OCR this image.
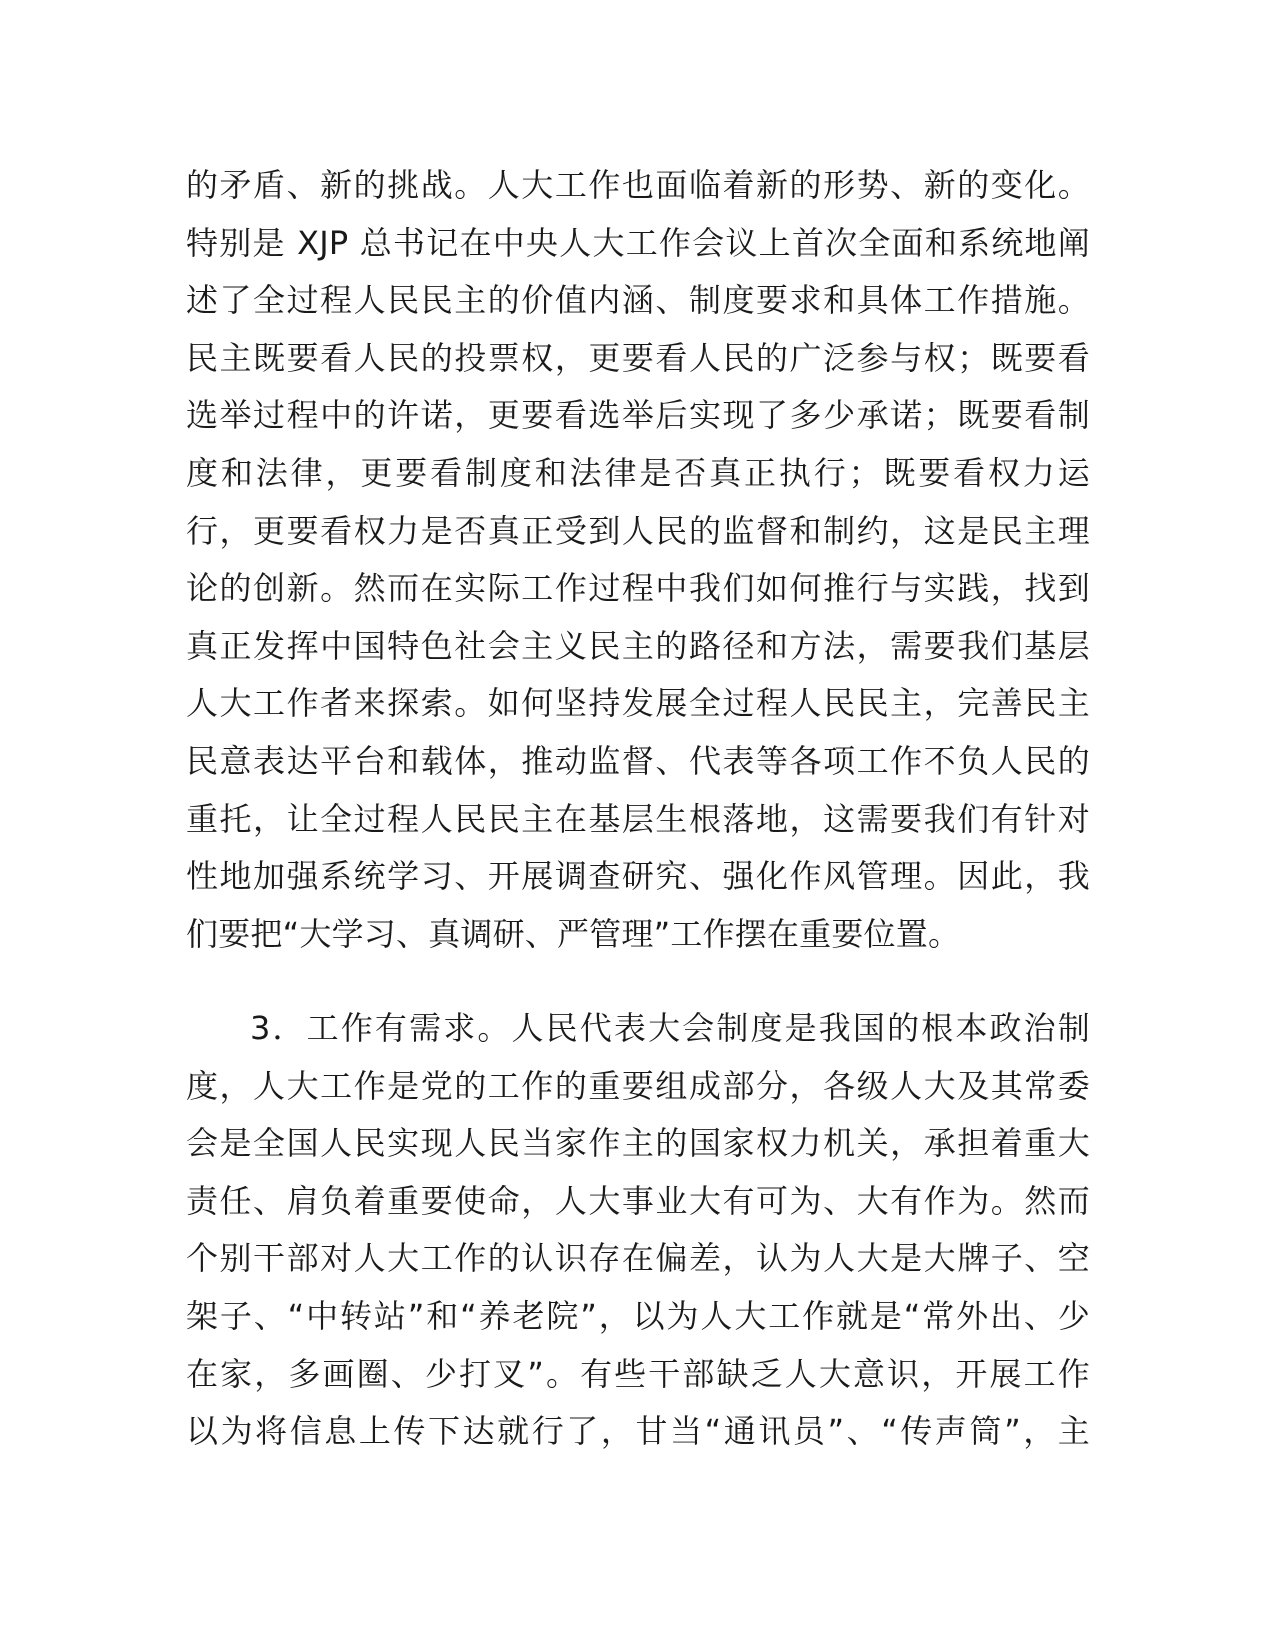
的矛盾、新的挑战。人大工作也面临着新的形势、新的变化。
特别是 XJP 总书记在中央人大工作会议上首次全面和系统地阐
述了全过程人民民主的价值内涵、制度要求和具体工作措施。
民主既要看人民的投票权，更要看人民的广泛参与权；既要看
选举过程中的许诺，更要看选举后实现了多少承诺；既要看制
度和法律，更要看制度和法律是否真正执行；既要看权力运
行，更要看权力是否真正受到人民的监督和制约，这是民主理
论的创新。然而在实际工作过程中我们如何推行与实践，找到
真正发挥中国特色社会主义民主的路径和方法，需要我们基层
人大工作者来探索。如何坚持发展全过程人民民主，完善民主
民意表达平台和载体，推动监督、代表等各项工作不负人民的
重托，让全过程人民民主在基层生根落地，这需要我们有针对
性地加强系统学习、开展调查研究、强化作风管理。因此，我
们要把“大学习、真调研、严管理”工作摆在重要位置。
3．工作有需求。人民代表大会制度是我国的根本政治制
度，人大工作是党的工作的重要组成部分，各级人大及其常委
会是全国人民实现人民当家作主的国家权力机关，承担着重大
责任、肩负着重要使命，人大事业大有可为、大有作为。然而
个别干部对人大工作的认识存在偏差，认为人大是大牌子、空
架子、“中转站”和“养老院”，以为人大工作就是“常外出、少
在家，多画圈、少打叉”。有些干部缺乏人大意识，开展工作
以为将信息上传下达就行了，甘当“通讯员”、“传声筒”，主
